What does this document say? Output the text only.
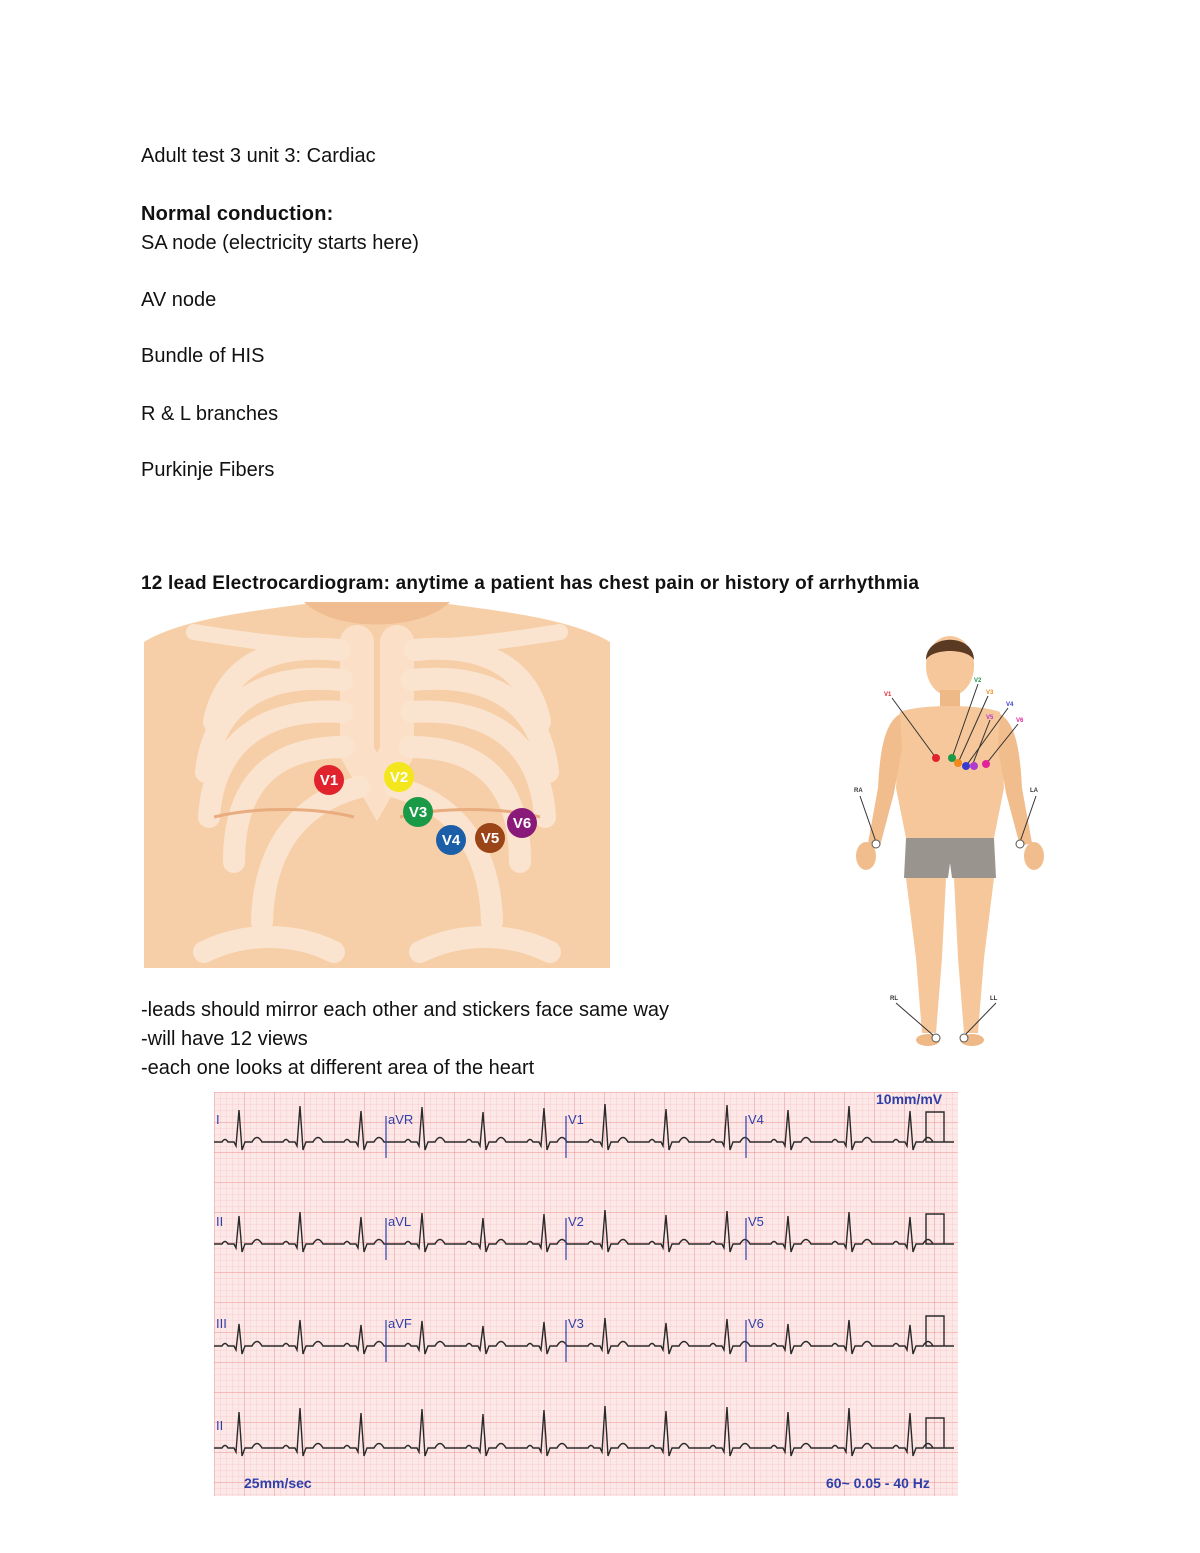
Adult test 3 unit 3: Cardiac
Normal conduction:
SA node (electricity starts here)
AV node
Bundle of HIS
R & L branches
Purkinje Fibers
12 lead Electrocardiogram: anytime a patient has chest pain or history of arrhythmia
V1	V2
V3
V4 V5
V6
V1
V2
V3
V4
V5	V6
RA	LA
RL	LL
-leads should mirror each other and stickers face same way
-will have 12 views
-each one looks at different area of the heart
I	aVR	V1	V4
II	aVL	V2	V5
III	aVF	V3	V6
II
10mm/mV
25mm/sec	60~ 0.05 - 40 Hz
